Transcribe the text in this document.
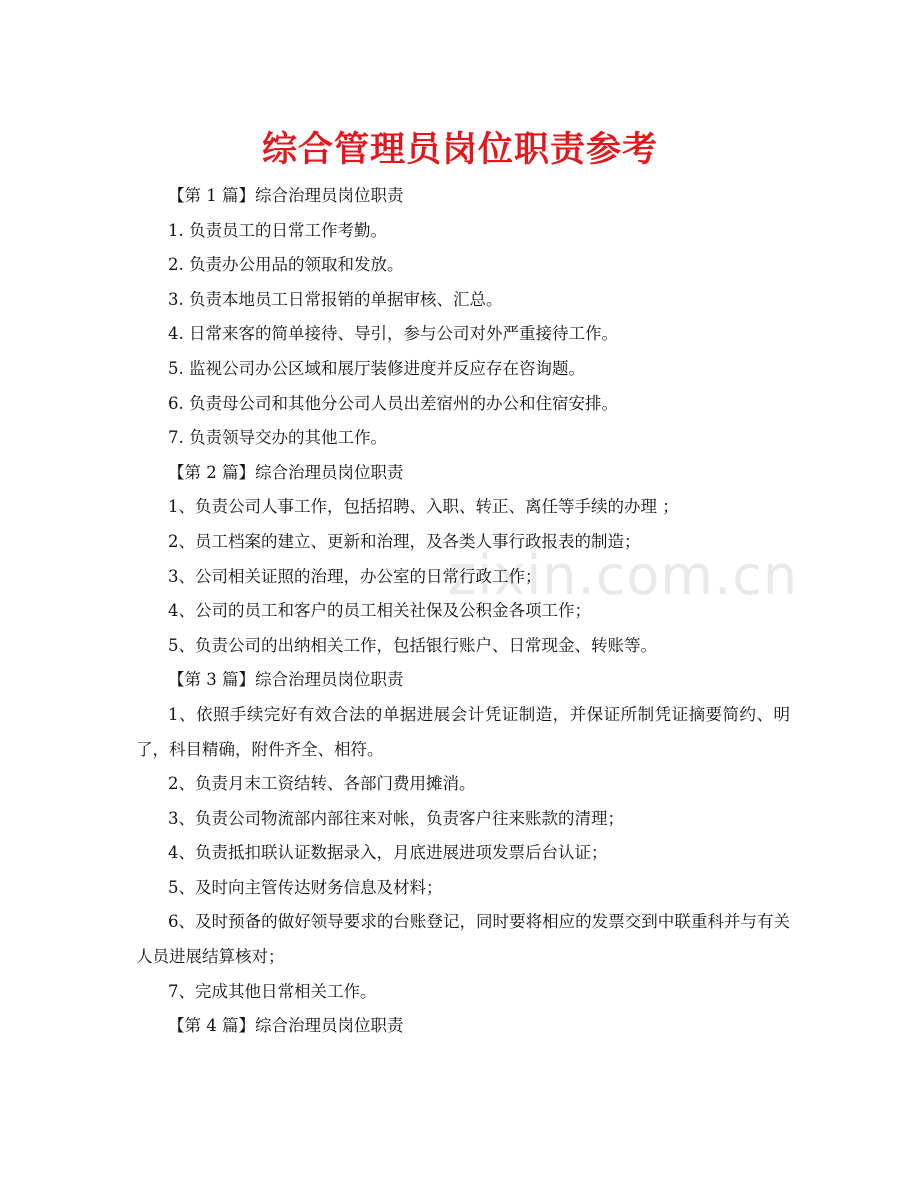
zixin.com.cn
综合管理员岗位职责参考
【第 1 篇】综合治理员岗位职责
1. 负责员工的日常工作考勤。
2. 负责办公用品的领取和发放。
3. 负责本地员工日常报销的单据审核、汇总。
4. 日常来客的简单接待、导引，参与公司对外严重接待工作。
5. 监视公司办公区域和展厅装修进度并反应存在咨询题。
6. 负责母公司和其他分公司人员出差宿州的办公和住宿安排。
7. 负责领导交办的其他工作。
【第 2 篇】综合治理员岗位职责
1、负责公司人事工作，包括招聘、入职、转正、离任等手续的办理 ；
2、员工档案的建立、更新和治理，及各类人事行政报表的制造；
3、公司相关证照的治理，办公室的日常行政工作；
4、公司的员工和客户的员工相关社保及公积金各项工作；
5、负责公司的出纳相关工作，包括银行账户、日常现金、转账等。
【第 3 篇】综合治理员岗位职责
1、依照手续完好有效合法的单据进展会计凭证制造，并保证所制凭证摘要简约、明了，科目精确，附件齐全、相符。
2、负责月末工资结转、各部门费用摊消。
3、负责公司物流部内部往来对帐，负责客户往来账款的清理；
4、负责抵扣联认证数据录入，月底进展进项发票后台认证；
5、及时向主管传达财务信息及材料；
6、及时预备的做好领导要求的台账登记，同时要将相应的发票交到中联重科并与有关人员进展结算核对；
7、完成其他日常相关工作。
【第 4 篇】综合治理员岗位职责
